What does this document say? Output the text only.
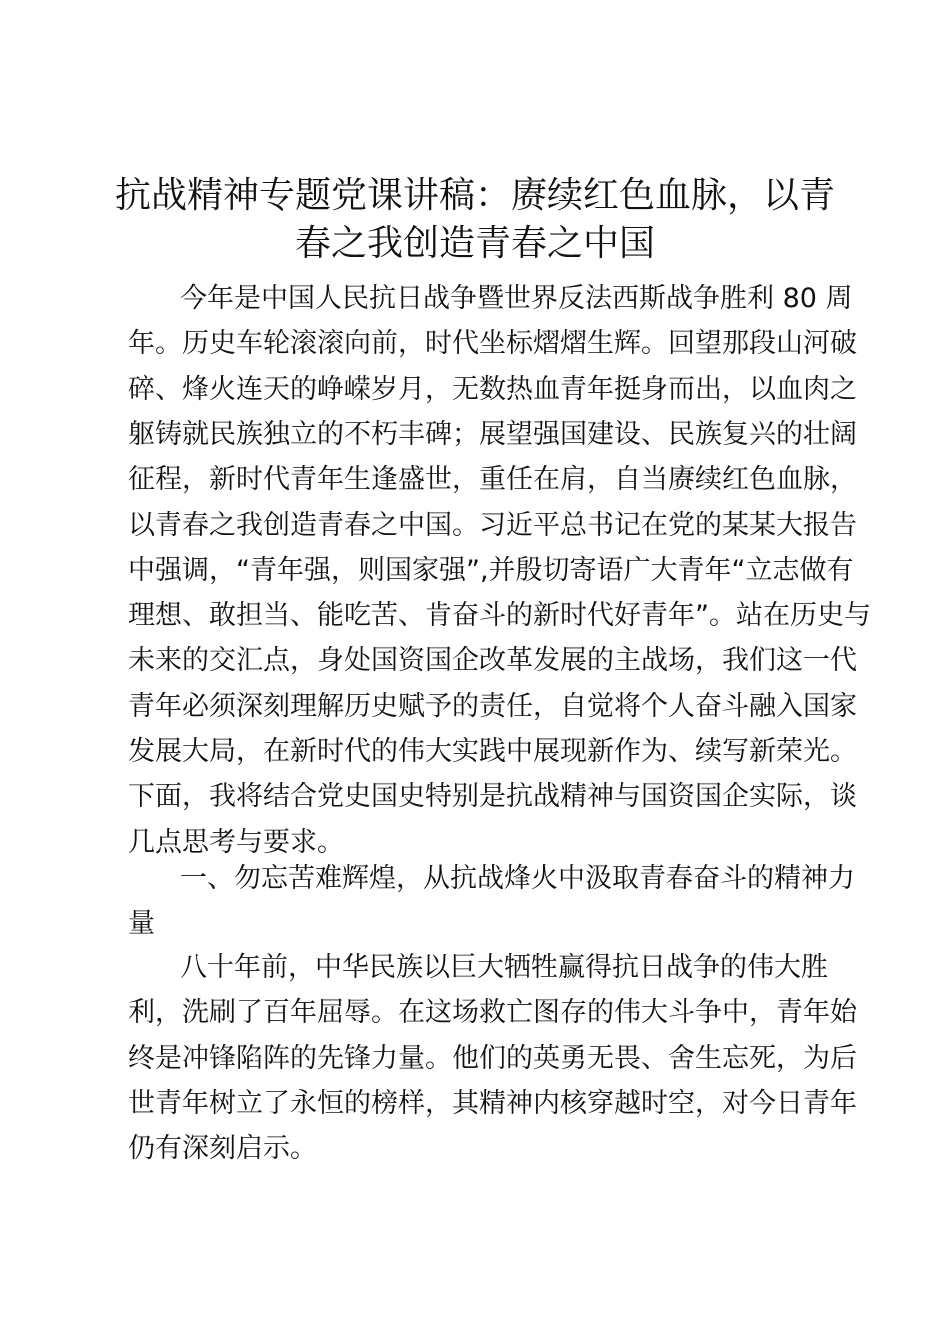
抗战精神专题党课讲稿：赓续红色血脉，以青
春之我创造青春之中国
今年是中国人民抗日战争暨世界反法西斯战争胜利 80 周
年。历史车轮滚滚向前，时代坐标熠熠生辉。回望那段山河破
碎、烽火连天的峥嵘岁月，无数热血青年挺身而出，以血肉之
躯铸就民族独立的不朽丰碑；展望强国建设、民族复兴的壮阔
征程，新时代青年生逢盛世，重任在肩，自当赓续红色血脉，
以青春之我创造青春之中国。习近平总书记在党的某某大报告
中强调，“青年强，则国家强”,并殷切寄语广大青年“立志做有
理想、敢担当、能吃苦、肯奋斗的新时代好青年”。站在历史与
未来的交汇点，身处国资国企改革发展的主战场，我们这一代
青年必须深刻理解历史赋予的责任，自觉将个人奋斗融入国家
发展大局，在新时代的伟大实践中展现新作为、续写新荣光。
下面，我将结合党史国史特别是抗战精神与国资国企实际，谈
几点思考与要求。
一、勿忘苦难辉煌，从抗战烽火中汲取青春奋斗的精神力
量
八十年前，中华民族以巨大牺牲赢得抗日战争的伟大胜
利，洗刷了百年屈辱。在这场救亡图存的伟大斗争中，青年始
终是冲锋陷阵的先锋力量。他们的英勇无畏、舍生忘死，为后
世青年树立了永恒的榜样，其精神内核穿越时空，对今日青年
仍有深刻启示。
